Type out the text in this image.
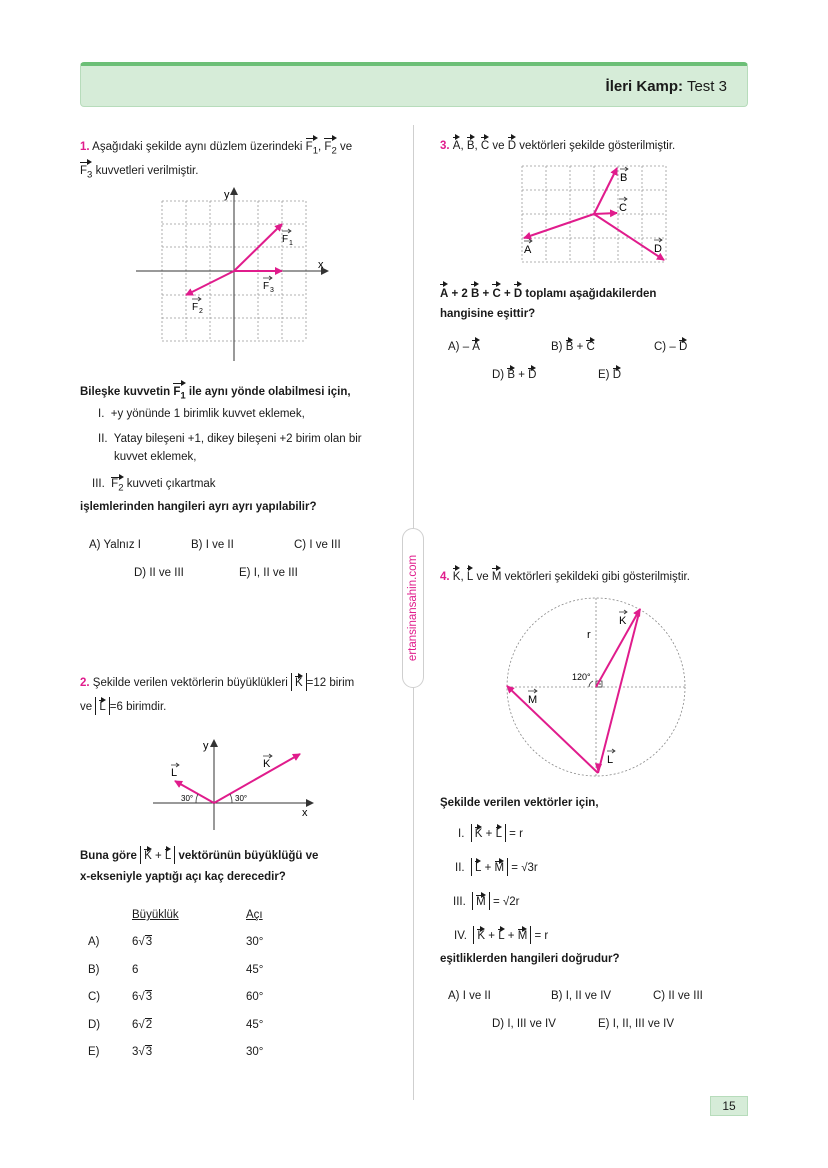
İleri Kamp: Test 3
ertansinansahin.com
1. Aşağıdaki şekilde aynı düzlem üzerindeki $F_1$, $F_2$ ve
$F_3$ kuvvetleri verilmiştir.
x
y
F 1
F 2
F 3
Bileşke kuvvetin $F_1$ ile aynı yönde olabilmesi için,
I. +y yönünde 1 birimlik kuvvet eklemek,
II. Yatay bileşeni +1, dikey bileşeni +2 birim olan bir
kuvvet eklemek,
III. $F_2$ kuvveti çıkartmak
işlemlerinden hangileri ayrı ayrı yapılabilir?
A) Yalnız I	B) I ve II	C) I ve III
D) II ve III	E) I, II ve III
2. Şekilde verilen vektörlerin büyüklükleri K =12 birim
ve L =6 birimdir.
x
y
30°
30°
K
L
Buna göre K + L vektörünün büyüklüğü ve
x-ekseniyle yaptığı açı kaç derecedir?
Büyüklük	Açı
A)	6√3	30°
B)	6	45°
C)	6√3	60°
D)	6√2	45°
E)	3√3	30°
3. A, B, C ve D vektörleri şekilde gösterilmiştir.
A
B
C
D
A + 2 B + C + D toplamı aşağıdakilerden
hangisine eşittir?
A) – A	B) B + C	C) – D
D) B + D	E) D
4. K, L ve M vektörleri şekildeki gibi gösterilmiştir.
120°
r
K
L
M
Şekilde verilen vektörler için,
I. K + L = r
II. L + M = √3r
III. M = √2r
IV. K + L + M = r
eşitliklerden hangileri doğrudur?
A) I ve II	B) I, II ve IV	C) II ve III
D) I, III ve IV	E) I, II, III ve IV
15
